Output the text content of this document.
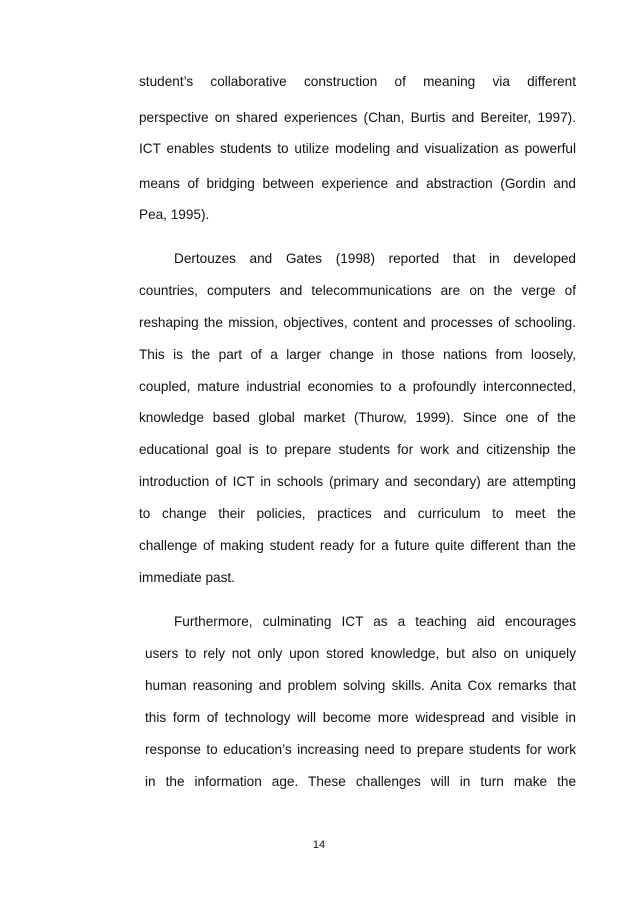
student’s collaborative construction of meaning via different
perspective on shared experiences (Chan, Burtis and Bereiter, 1997).
ICT enables students to utilize modeling and visualization as powerful
means of bridging between experience and abstraction (Gordin and
Pea, 1995).
Dertouzes and Gates (1998) reported that in developed
countries, computers and telecommunications are on the verge of
reshaping the mission, objectives, content and processes of schooling.
This is the part of a larger change in those nations from loosely,
coupled, mature industrial economies to a profoundly interconnected,
knowledge based global market (Thurow, 1999). Since one of the
educational goal is to prepare students for work and citizenship the
introduction of ICT in schools (primary and secondary) are attempting
to change their policies, practices and curriculum to meet the
challenge of making student ready for a future quite different than the
immediate past.
Furthermore, culminating ICT as a teaching aid encourages
users to rely not only upon stored knowledge, but also on uniquely
human reasoning and problem solving skills. Anita Cox remarks that
this form of technology will become more widespread and visible in
response to education’s increasing need to prepare students for work
in the information age. These challenges will in turn make the
14
